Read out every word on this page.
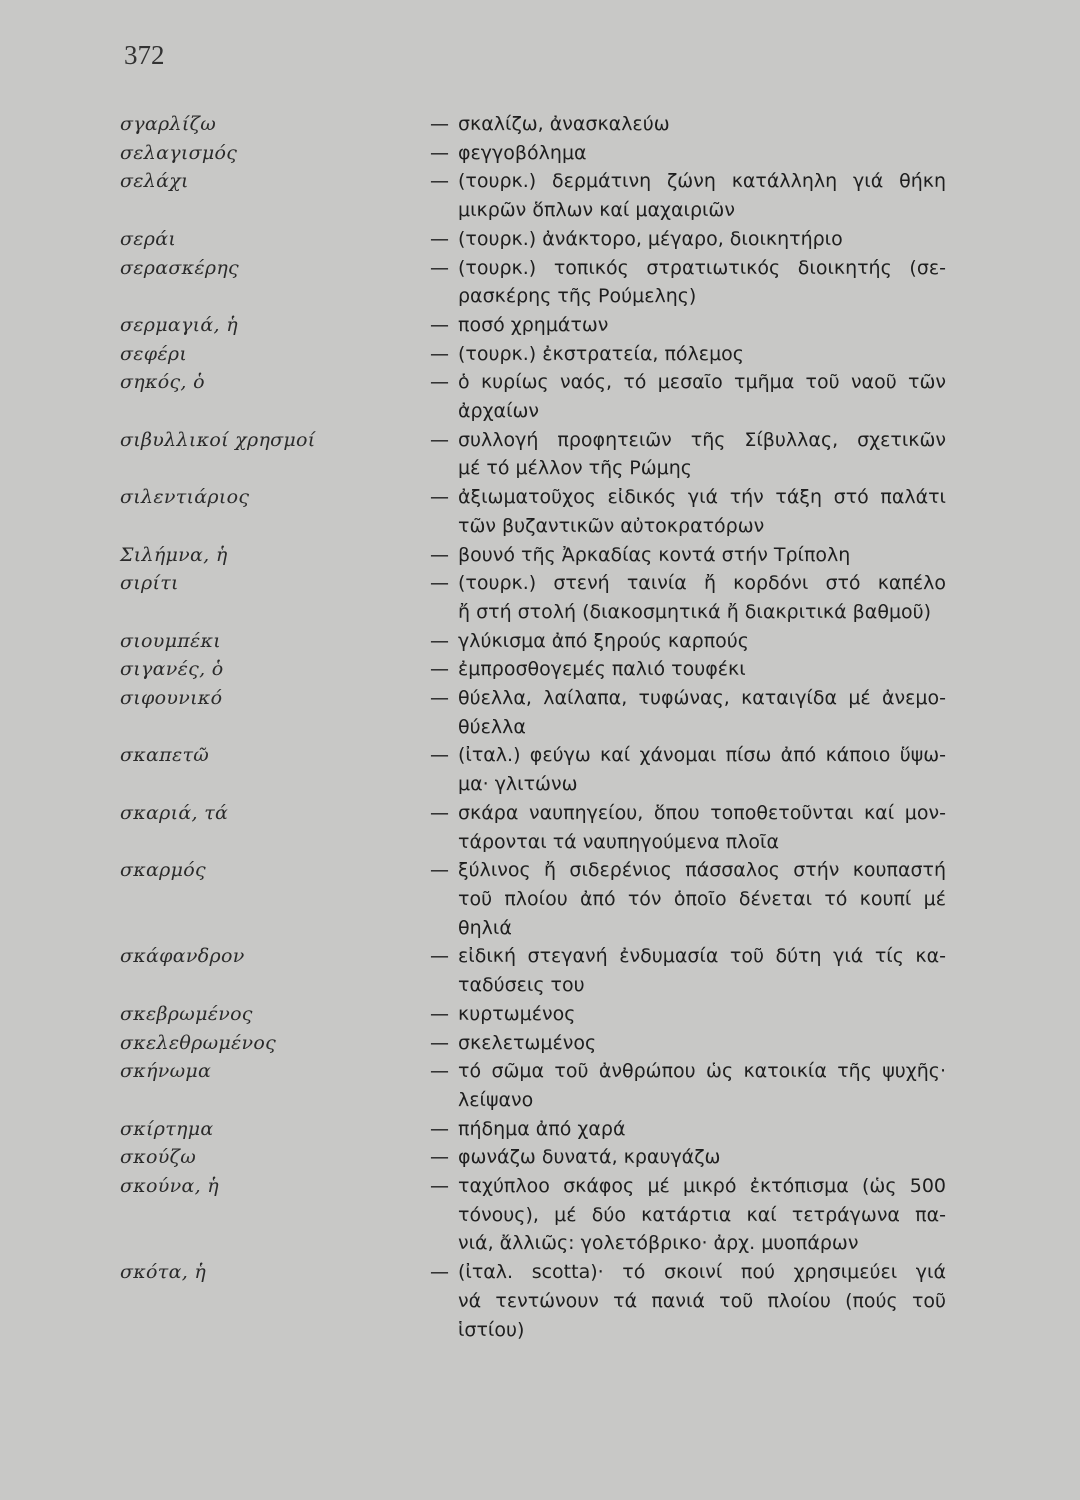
372
σγαρλίζω	— σκαλίζω, ἀνασκαλεύω
σελαγισμός	— φεγγοβόλημα
σελάχι	— (τουρκ.) δερμάτινη ζώνη κατάλληλη γιά θήκη
μικρῶν ὅπλων καί μαχαιριῶν
σεράι	— (τουρκ.) ἀνάκτορο, μέγαρο, διοικητήριο
σερασκέρης	— (τουρκ.) τοπικός στρατιωτικός διοικητής (σε-
ρασκέρης τῆς Ρούμελης)
σερμαγιά, ἡ	— ποσό χρημάτων
σεφέρι	— (τουρκ.) ἐκστρατεία, πόλεμος
σηκός, ὁ	— ὁ κυρίως ναός, τό μεσαῖο τμῆμα τοῦ ναοῦ τῶν
ἀρχαίων
σιβυλλικοί χρησμοί	— συλλογή προφητειῶν τῆς Σίβυλλας, σχετικῶν
μέ τό μέλλον τῆς Ρώμης
σιλεντιάριος	— ἀξιωματοῦχος εἰδικός γιά τήν τάξη στό παλάτι
τῶν βυζαντικῶν αὐτοκρατόρων
Σιλήμνα, ἡ	— βουνό τῆς Ἀρκαδίας κοντά στήν Τρίπολη
σιρίτι	— (τουρκ.) στενή ταινία ἤ κορδόνι στό καπέλο
ἤ στή στολή (διακοσμητικά ἤ διακριτικά βαθμοῦ)
σιουμπέκι	— γλύκισμα ἀπό ξηρούς καρπούς
σιγανές, ὁ	— ἐμπροσθογεμές παλιό τουφέκι
σιφουνικό	— θύελλα, λαίλαπα, τυφώνας, καταιγίδα μέ ἀνεμο-
θύελλα
σκαπετῶ	— (ἰταλ.) φεύγω καί χάνομαι πίσω ἀπό κάποιο ὕψω-
μα· γλιτώνω
σκαριά, τά	— σκάρα ναυπηγείου, ὅπου τοποθετοῦνται καί μον-
τάρονται τά ναυπηγούμενα πλοῖα
σκαρμός	— ξύλινος ἤ σιδερένιος πάσσαλος στήν κουπαστή
τοῦ πλοίου ἀπό τόν ὁποῖο δένεται τό κουπί μέ
θηλιά
σκάφανδρον	— εἰδική στεγανή ἐνδυμασία τοῦ δύτη γιά τίς κα-
ταδύσεις του
σκεβρωμένος	— κυρτωμένος
σκελεθρωμένος	— σκελετωμένος
σκήνωμα	— τό σῶμα τοῦ ἀνθρώπου ὡς κατοικία τῆς ψυχῆς·
λείψανο
σκίρτημα	— πήδημα ἀπό χαρά
σκούζω	— φωνάζω δυνατά, κραυγάζω
σκούνα, ἡ	— ταχύπλοο σκάφος μέ μικρό ἐκτόπισμα (ὡς 500
τόνους), μέ δύο κατάρτια καί τετράγωνα πα-
νιά, ἄλλιῶς: γολετόβρικο· ἀρχ. μυοπάρων
σκότα, ἡ	— (ἰταλ. scotta)· τό σκοινί πού χρησιμεύει γιά
νά τεντώνουν τά πανιά τοῦ πλοίου (πούς τοῦ
ἱστίου)
